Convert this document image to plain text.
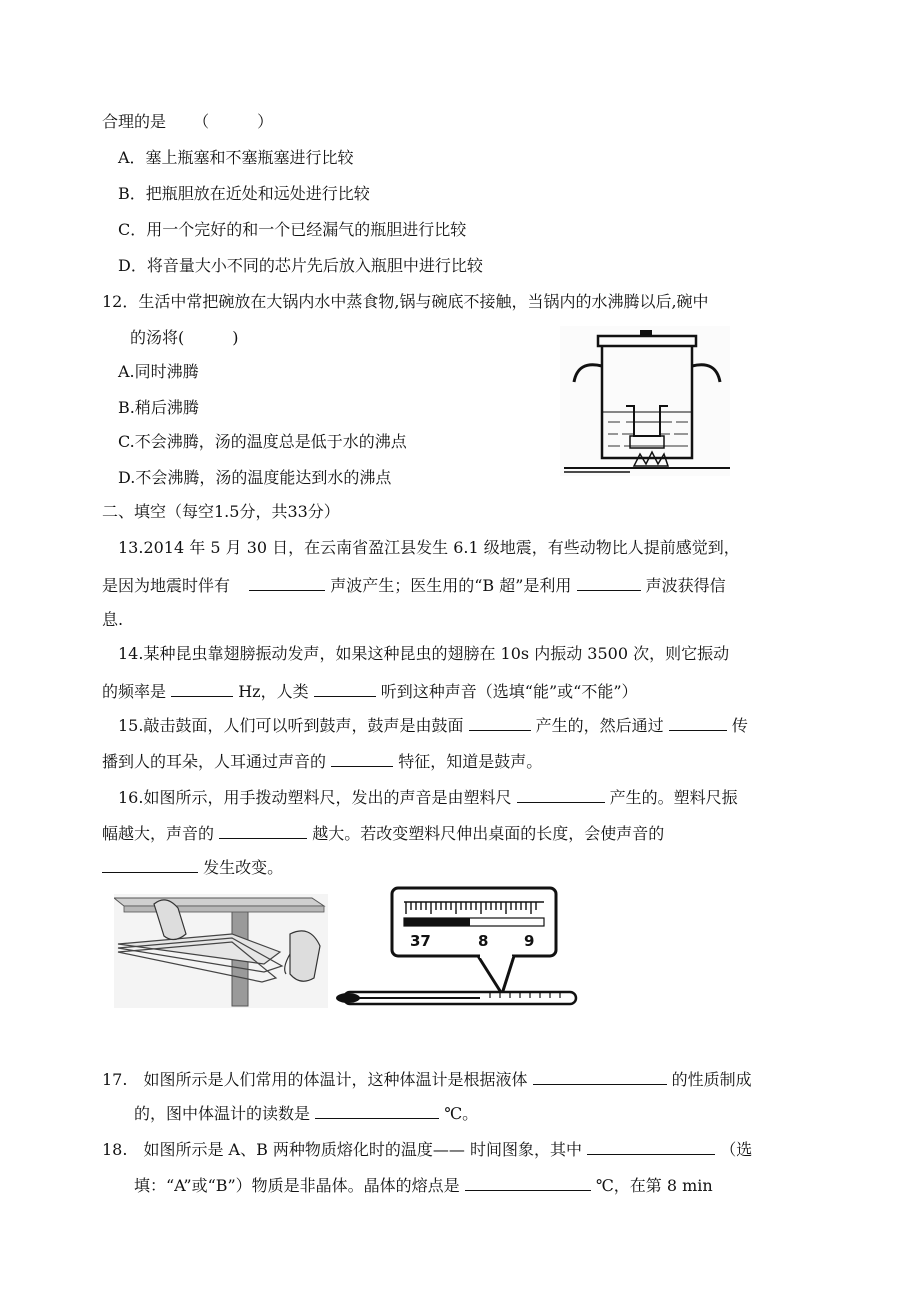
合理的是 （　　　）
A．塞上瓶塞和不塞瓶塞进行比较
B．把瓶胆放在近处和远处进行比较
C．用一个完好的和一个已经漏气的瓶胆进行比较
D．将音量大小不同的芯片先后放入瓶胆中进行比较
12．生活中常把碗放在大锅内水中蒸食物,锅与碗底不接触，当锅内的水沸腾以后,碗中
的汤将(　　　)
A.同时沸腾
B.稍后沸腾
C.不会沸腾，汤的温度总是低于水的沸点
D.不会沸腾，汤的温度能达到水的沸点
二、填空（每空1.5分，共33分）
13.2014 年 5 月 30 日，在云南省盈江县发生 6.1 级地震，有些动物比人提前感觉到，
是因为地震时伴有	声波产生；医生用的“B 超”是利用	声波获得信
息.
14.某种昆虫靠翅膀振动发声，如果这种昆虫的翅膀在 10s 内振动 3500 次，则它振动
的频率是	Hz，人类	听到这种声音（选填“能”或“不能”）
15.敲击鼓面，人们可以听到鼓声，鼓声是由鼓面	产生的，然后通过	传
播到人的耳朵，人耳通过声音的	特征，知道是鼓声。
16.如图所示，用手拨动塑料尺，发出的声音是由塑料尺	产生的。塑料尺振
幅越大，声音的	越大。若改变塑料尺伸出桌面的长度，会使声音的
发生改变。
37	8 9
17.　如图所示是人们常用的体温计，这种体温计是根据液体	的性质制成
的，图中体温计的读数是	℃。
18.　如图所示是 A、B 两种物质熔化时的温度—— 时间图象，其中	（选
填：“A”或“B”）物质是非晶体。晶体的熔点是	℃，在第 8 min
